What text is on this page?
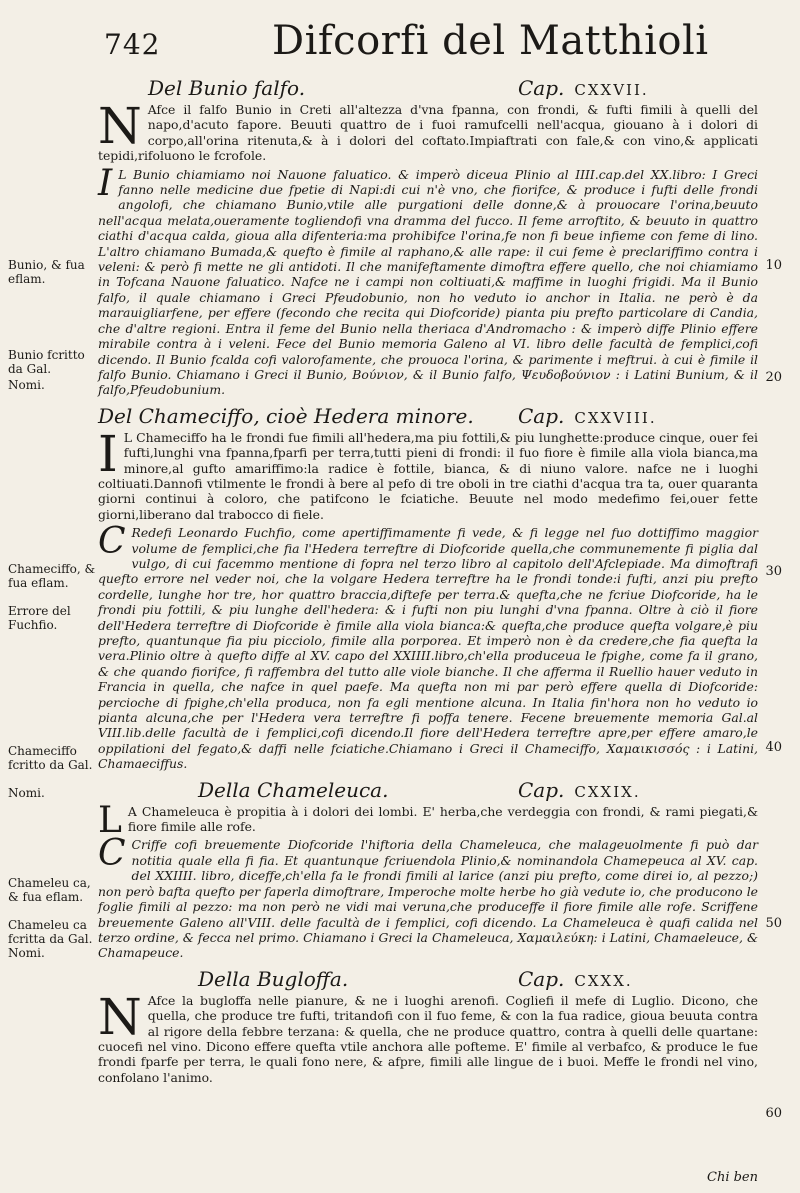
742	Difcorfi del Matthioli
Bunio, & fua eflam.
Bunio fcritto da Gal.
Nomi.
Chameciffo, & fua eflam.
Errore del Fuchfio.
Chameciffo fcritto da Gal.
Nomi.
Chameleu ca, & fua eflam.
Chameleu ca fcritta da Gal.
Nomi.
10
20
30
40
50
60
Del Bunio falfo.	Cap. CXXVII.
N Afce il falfo Bunio in Creti all'altezza d'vna fpanna, con frondi, & fufti fimili à quelli del napo,d'acuto fapore. Beuuti quattro de i fuoi ramufcelli nell'acqua, giouano à i dolori di corpo,all'orina ritenuta,& à i dolori del coftato.Impiaftrati con fale,& con vino,& applicati tepidi,rifoluono le fcrofole.
I L Bunio chiamiamo noi Nauone faluatico. & imperò diceua Plinio al IIII.cap.del XX.libro: I Greci fanno nelle medicine due fpetie di Napi:di cui n'è vno, che fiorifce, & produce i fufti delle frondi angolofi, che chiamano Bunio,vtile alle purgationi delle donne,& à prouocare l'orina,beuuto nell'acqua melata,oueramente togliendofi vna dramma del fucco. Il feme arroftito, & beuuto in quattro ciathi d'acqua calda, gioua alla difenteria:ma prohibifce l'orina,fe non fi beue infieme con feme di lino. L'altro chiamano Bumada,& quefto è fimile al raphano,& alle rape: il cui feme è preclariffimo contra i veleni: & però fi mette ne gli antidoti. Il che manifeftamente dimoftra effere quello, che noi chiamiamo in Tofcana Nauone faluatico. Nafce ne i campi non coltiuati,& maffime in luoghi frigidi. Ma il Bunio falfo, il quale chiamano i Greci Pfeudobunio, non ho veduto io anchor in Italia. ne però è da marauigliarfene, per effere (fecondo che recita qui Diofcoride) pianta piu prefto particolare di Candia, che d'altre regioni. Entra il feme del Bunio nella theriaca d'Andromacho : & imperò diffe Plinio effere mirabile contra à i veleni. Fece del Bunio memoria Galeno al VI. libro delle facultà de femplici,cofi dicendo. Il Bunio fcalda cofi valorofamente, che prouoca l'orina, & parimente i meftrui. à cui è fimile il falfo Bunio. Chiamano i Greci il Bunio, Βούνιον, & il Bunio falfo, Ψευδοβούνιον : i Latini Bunium, & il falfo,Pfeudobunium.
Del Chameciffo, cioè Hedera minore. Cap. CXXVIII.
I L Chameciffo ha le frondi fue fimili all'hedera,ma piu fottili,& piu lunghette:produce cinque, ouer fei fufti,lunghi vna fpanna,fparfi per terra,tutti pieni di frondi: il fuo fiore è fimile alla viola bianca,ma minore,al gufto amariffimo:la radice è fottile, bianca, & di niuno valore. nafce ne i luoghi coltiuati.Dannofi vtilmente le frondi à bere al pefo di tre oboli in tre ciathi d'acqua tra ta, ouer quaranta giorni continui à coloro, che patifcono le fciatiche. Beuute nel modo medefimo fei,ouer fette giorni,liberano dal trabocco di fiele.
C Redefi Leonardo Fuchfio, come apertiffimamente fi vede, & fi legge nel fuo dottiffimo maggior volume de femplici,che fia l'Hedera terreftre di Diofcoride quella,che communemente fi piglia dal vulgo, di cui facemmo mentione di fopra nel terzo libro al capitolo dell'Afclepiade. Ma dimoftrafi quefto errore nel veder noi, che la volgare Hedera terreftre ha le frondi tonde:i fufti, anzi piu prefto cordelle, lunghe hor tre, hor quattro braccia,diftefe per terra.& quefta,che ne fcriue Diofcoride, ha le frondi piu fottili, & piu lunghe dell'hedera: & i fufti non piu lunghi d'vna fpanna. Oltre à ciò il fiore dell'Hedera terreftre di Diofcoride è fimile alla viola bianca:& quefta,che produce quefta volgare,è piu prefto, quantunque fia piu picciolo, fimile alla porporea. Et imperò non è da credere,che fia quefta la vera.Plinio oltre à quefto diffe al XV. capo del XXIIII.libro,ch'ella produceua le fpighe, come fa il grano, & che quando fiorifce, fi raffembra del tutto alle viole bianche. Il che afferma il Ruellio hauer veduto in Francia in quella, che nafce in quel paefe. Ma quefta non mi par però effere quella di Diofcoride: percioche di fpighe,ch'ella produca, non fa egli mentione alcuna. In Italia fin'hora non ho veduto io pianta alcuna,che per l'Hedera vera terreftre fi poffa tenere. Fecene breuemente memoria Gal.al VIII.lib.delle facultà de i femplici,cofi dicendo.Il fiore dell'Hedera terreftre apre,per effere amaro,le oppilationi del fegato,& daffi nelle fciatiche.Chiamano i Greci il Chameciffo, Χαμαικισσός : i Latini, Chamaeciffus.
Della Chameleuca.	Cap. CXXIX.
L A Chameleuca è propitia à i dolori dei lombi. E' herba,che verdeggia con frondi, & rami piegati,& fiore fimile alle rofe.
C Criffe cofi breuemente Diofcoride l'hiftoria della Chameleuca, che malageuolmente fi può dar notitia quale ella fi fia. Et quantunque fcriuendola Plinio,& nominandola Chamepeuca al XV. cap. del XXIIII. libro, diceffe,ch'ella fa le frondi fimili al larice (anzi piu prefto, come direi io, al pezzo;) non però bafta quefto per faperla dimoftrare, Imperoche molte herbe ho già vedute io, che producono le foglie fimili al pezzo: ma non però ne vidi mai veruna,che produceffe il fiore fimile alle rofe. Scriffene breuemente Galeno all'VIII. delle facultà de i femplici, cofi dicendo. La Chameleuca è quafi calida nel terzo ordine, & fecca nel primo. Chiamano i Greci la Chameleuca, Χαμαιλεύκη: i Latini, Chamaeleuce, & Chamapeuce.
Della Bugloffa.	Cap. CXXX.
N Afce la bugloffa nelle pianure, & ne i luoghi arenofi. Cogliefi il mefe di Luglio. Dicono, che quella, che produce tre fufti, tritandofi con il fuo feme, & con la fua radice, gioua beuuta contra al rigore della febbre terzana: & quella, che ne produce quattro, contra à quelli delle quartane: cuocefi nel vino. Dicono effere quefta vtile anchora alle pofteme. E' fimile al verbafco, & produce le fue frondi fparfe per terra, le quali fono nere, & afpre, fimili alle lingue de i buoi. Meffe le frondi nel vino, confolano l'animo.
Chi ben
